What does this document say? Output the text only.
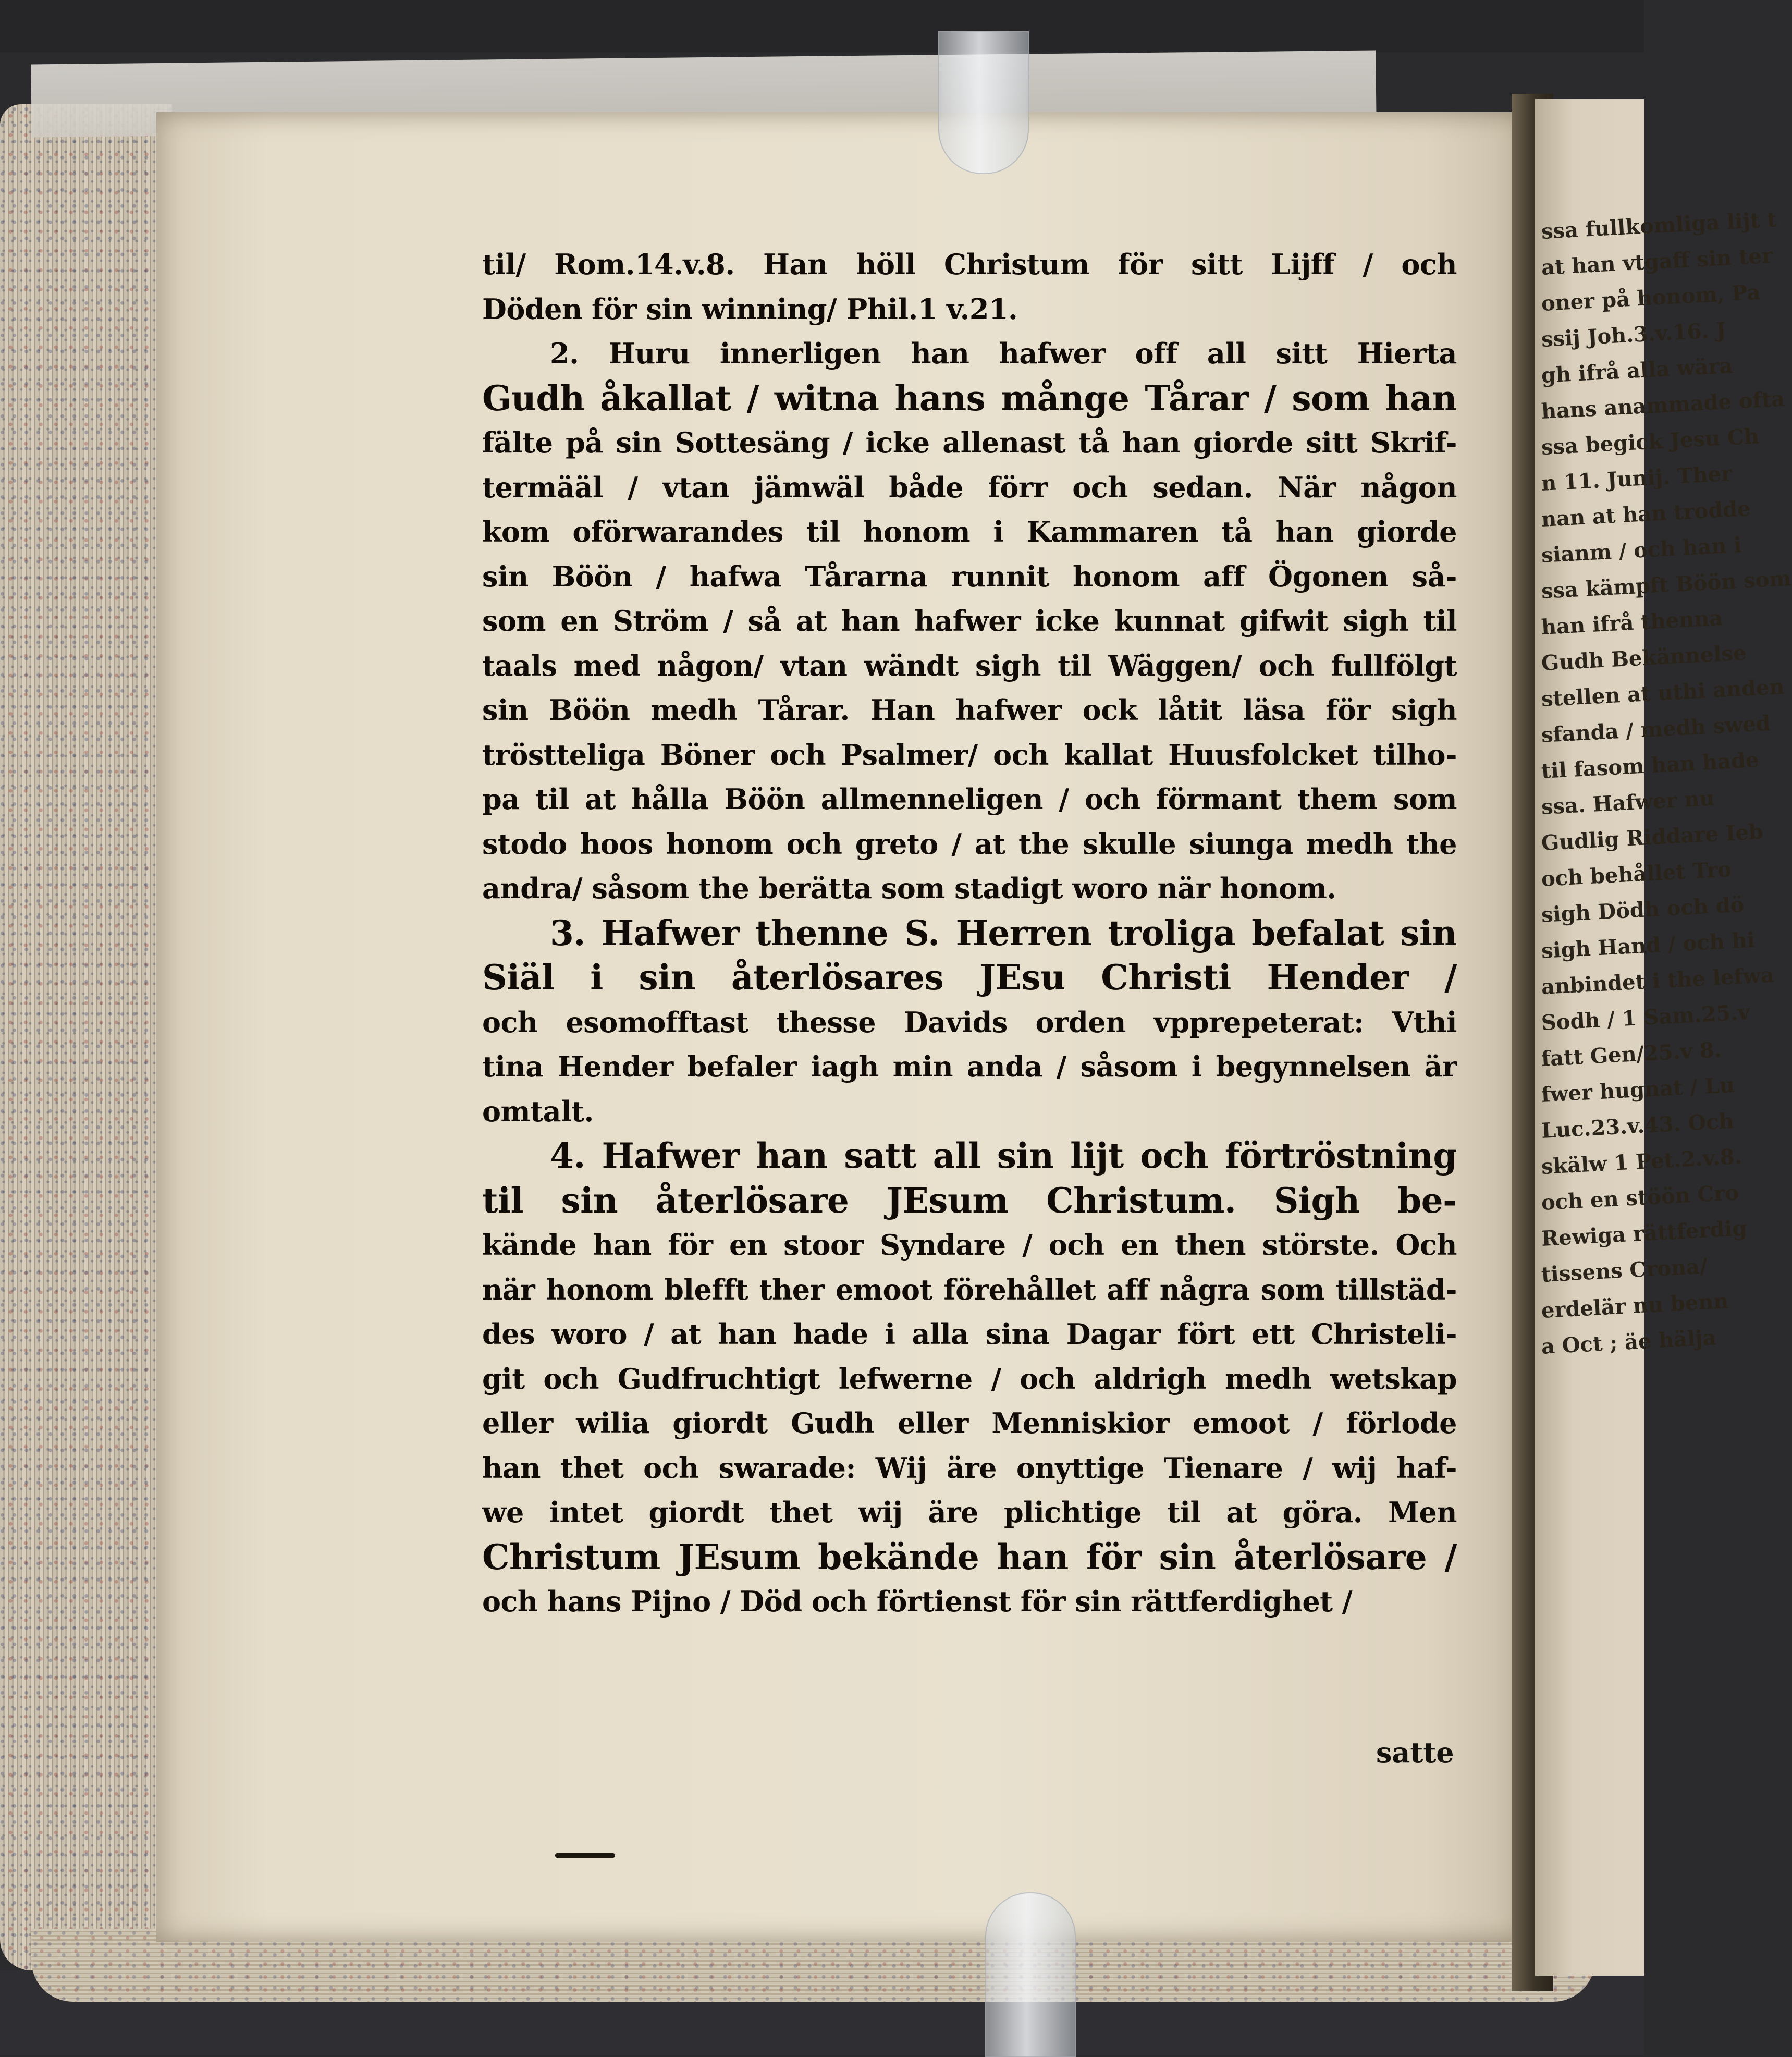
ssa fullkomliga lijt t
at han vtgaff sin ter
oner på honom, Pa
ssij Joh.3.v.16. J
gh ifrå alla wära
hans anammade ofta
ssa begick Jesu Ch
n 11. Junij. Ther
nan at han trodde
sianm / och han i
ssa kämpft Böön som
han ifrå thenna
Gudh Bekännelse
stellen at uthi anden
sfanda / medh swed
til fasom han hade
ssa. Hafwer nu
Gudlig Riddare Ieb
och behållet Tro
sigh Dödh och dö
sigh Hand / och hi
anbindet i the lefwa
Sodh / 1 Sam.25.v
fatt Gen/25.v 8.
fwer hugnat / Lu
Luc.23.v.43. Och
skälw 1 Pet.2.v.8.
och en stöön Cro
Rewiga rättferdig
tissens Crona/
erdelär nu benn
a Oct ; äe hälja
til/ Rom.14.v.8. Han höll Christum för sitt Lijff / och
Döden för sin winning/ Phil.1 v.21.
2. Huru innerligen han hafwer off all sitt Hierta
Gudh åkallat / witna hans månge Tårar / som han
fälte på sin Sottesäng / icke allenast tå han giorde sitt Skrif-
termääl / vtan jämwäl både förr och sedan. När någon
kom oförwarandes til honom i Kammaren tå han giorde
sin Böön / hafwa Tårarna runnit honom aff Ögonen så-
som en Ström / så at han hafwer icke kunnat gifwit sigh til
taals med någon/ vtan wändt sigh til Wäggen/ och fullfölgt
sin Böön medh Tårar. Han hafwer ock låtit läsa för sigh
tröstteliga Böner och Psalmer/ och kallat Huusfolcket tilho-
pa til at hålla Böön allmenneligen / och förmant them som
stodo hoos honom och greto / at the skulle siunga medh the
andra/ såsom the berätta som stadigt woro när honom.
3. Hafwer thenne S. Herren troliga befalat sin
Siäl i sin återlösares JEsu Christi Hender /
och esomofftast thesse Davids orden vpprepeterat: Vthi
tina Hender befaler iagh min anda / såsom i begynnelsen är
omtalt.
4. Hafwer han satt all sin lijt och förtröstning
til sin återlösare JEsum Christum. Sigh be-
kände han för en stoor Syndare / och en then störste. Och
när honom blefft ther emoot förehållet aff några som tillstäd-
des woro / at han hade i alla sina Dagar fört ett Christeli-
git och Gudfruchtigt lefwerne / och aldrigh medh wetskap
eller wilia giordt Gudh eller Menniskior emoot / förlode
han thet och swarade: Wij äre onyttige Tienare / wij haf-
we intet giordt thet wij äre plichtige til at göra. Men
Christum JEsum bekände han för sin återlösare /
och hans Pijno / Död och förtienst för sin rättferdighet /
satte
